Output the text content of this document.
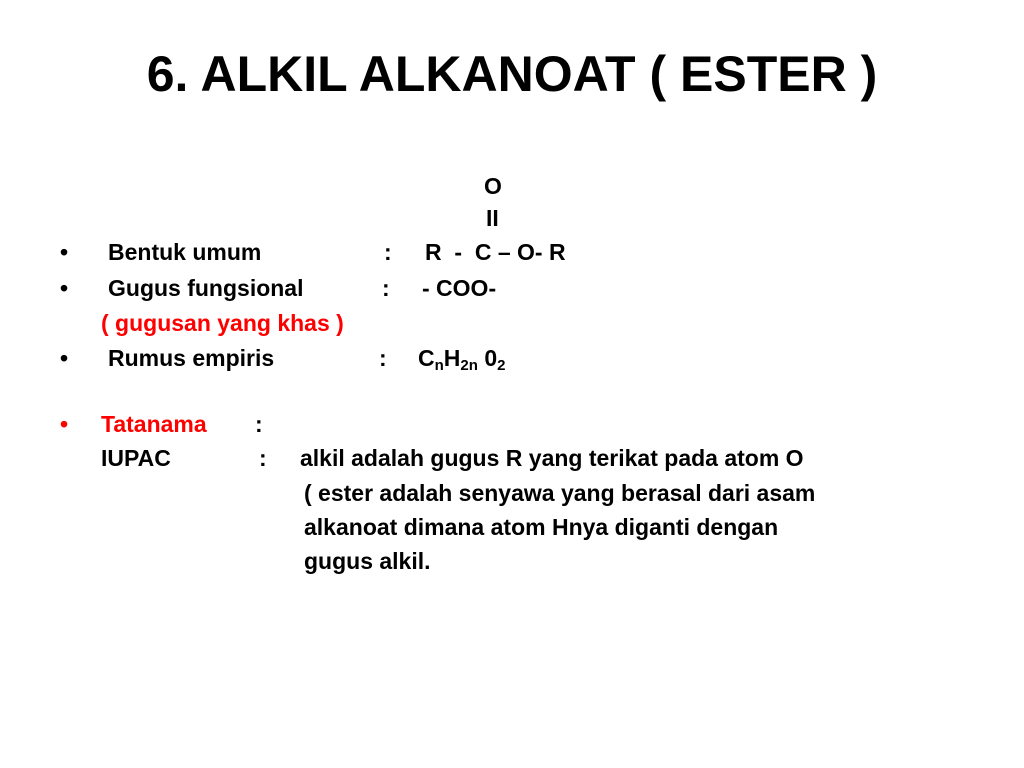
6. ALKIL ALKANOAT ( ESTER )
O
II
• Bentuk umum	: R  -  C – O- R
• Gugus fungsional	: - COO-
( gugusan yang khas )
• Rumus empiris	: $C_nH_{2n}$ $0_2$
• Tatanama :
IUPAC	: alkil adalah gugus R yang terikat pada atom O
( ester adalah senyawa yang berasal dari asam
alkanoat dimana atom Hnya diganti dengan
gugus alkil.
